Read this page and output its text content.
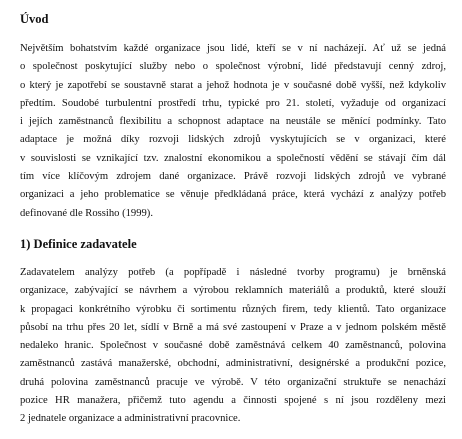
Úvod

Největším bohatstvím každé organizace jsou lidé, kteří se v ní nacházejí. Ať už se jedná
o společnost poskytující služby nebo o společnost výrobní, lidé představují cenný zdroj,
o který je zapotřebí se soustavně starat a jehož hodnota je v současné době vyšší, než kdykoliv
předtím. Soudobé turbulentní prostředí trhu, typické pro 21. století, vyžaduje od organizací
i jejích zaměstnanců flexibilitu a schopnost adaptace na neustále se měnící podmínky. Tato
adaptace je možná díky rozvoji lidských zdrojů vyskytujících se v organizaci, které
v souvislosti se vznikající tzv. znalostní ekonomikou a společností vědění se stávají čím dál
tím více klíčovým zdrojem dané organizace. Právě rozvoji lidských zdrojů ve vybrané
organizaci a jeho problematice se věnuje předkládaná práce, která vychází z analýzy potřeb
definované dle Rossiho (1999).

1) Definice zadavatele

Zadavatelem analýzy potřeb (a popřípadě i následné tvorby programu) je brněnská
organizace, zabývající se návrhem a výrobou reklamních materiálů a produktů, které slouží
k propagaci konkrétního výrobku či sortimentu různých firem, tedy klientů. Tato organizace
působí na trhu přes 20 let, sídlí v Brně a má své zastoupení v Praze a v jednom polském městě
nedaleko hranic. Společnost v současné době zaměstnává celkem 40 zaměstnanců, polovina
zaměstnanců zastává manažerské, obchodní, administrativní, designérské a produkční pozice,
druhá polovina zaměstnanců pracuje ve výrobě. V této organizační struktuře se nenachází
pozice HR manažera, přičemž tuto agendu a činnosti spojené s ní jsou rozděleny mezi
2 jednatele organizace a administrativní pracovnice.
